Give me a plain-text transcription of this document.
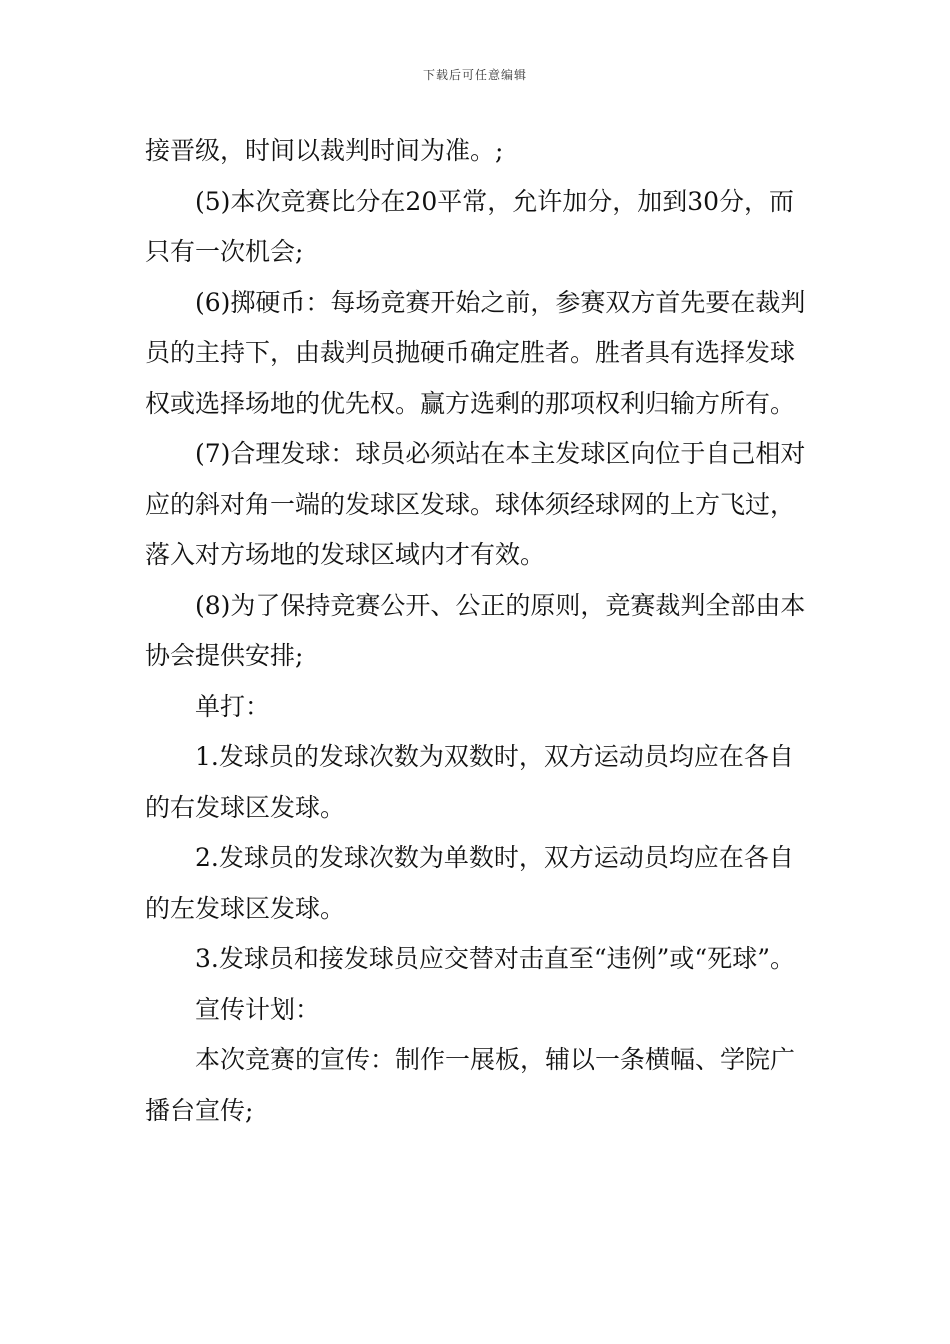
下载后可任意编辑

接晋级，时间以裁判时间为准。;

(5)本次竞赛比分在20平常，允许加分，加到30分，而只有一次机会;

(6)掷硬币：每场竞赛开始之前，参赛双方首先要在裁判员的主持下，由裁判员抛硬币确定胜者。胜者具有选择发球权或选择场地的优先权。赢方选剩的那项权利归输方所有。

(7)合理发球：球员必须站在本主发球区向位于自己相对应的斜对角一端的发球区发球。球体须经球网的上方飞过，落入对方场地的发球区域内才有效。

(8)为了保持竞赛公开、公正的原则，竞赛裁判全部由本协会提供安排;

单打：

1.发球员的发球次数为双数时，双方运动员均应在各自的右发球区发球。

2.发球员的发球次数为单数时，双方运动员均应在各自的左发球区发球。

3.发球员和接发球员应交替对击直至“违例”或“死球”。

宣传计划：

本次竞赛的宣传：制作一展板，辅以一条横幅、学院广播台宣传;
